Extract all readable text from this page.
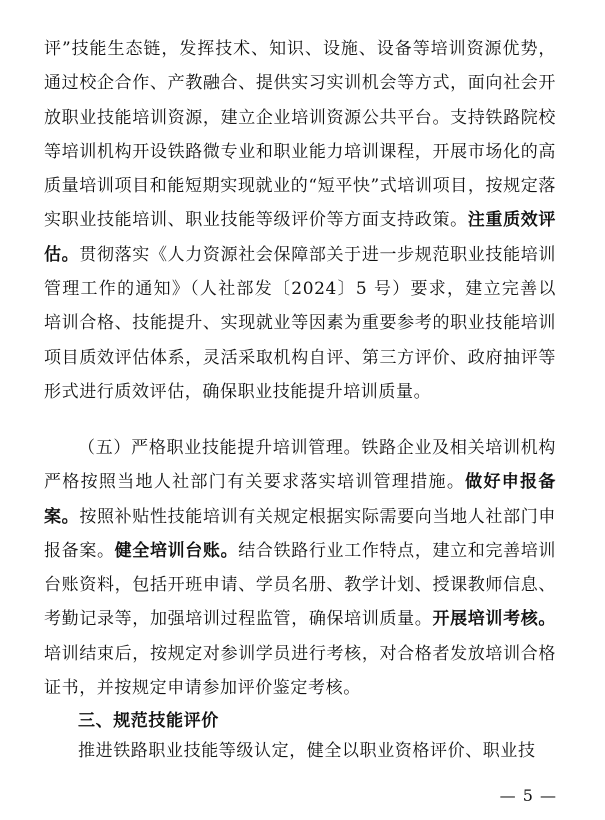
评”技能生态链，发挥技术、知识、设施、设备等培训资源优势，通过校企合作、产教融合、提供实习实训机会等方式，面向社会开放职业技能培训资源，建立企业培训资源公共平台。支持铁路院校等培训机构开设铁路微专业和职业能力培训课程，开展市场化的高质量培训项目和能短期实现就业的“短平快”式培训项目，按规定落实职业技能培训、职业技能等级评价等方面支持政策。注重质效评估。贯彻落实《人力资源社会保障部关于进一步规范职业技能培训管理工作的通知》（人社部发〔2024〕5 号）要求，建立完善以培训合格、技能提升、实现就业等因素为重要参考的职业技能培训项目质效评估体系，灵活采取机构自评、第三方评价、政府抽评等形式进行质效评估，确保职业技能提升培训质量。

（五）严格职业技能提升培训管理。铁路企业及相关培训机构严格按照当地人社部门有关要求落实培训管理措施。做好申报备案。按照补贴性技能培训有关规定根据实际需要向当地人社部门申报备案。健全培训台账。结合铁路行业工作特点，建立和完善培训台账资料，包括开班申请、学员名册、教学计划、授课教师信息、考勤记录等，加强培训过程监管，确保培训质量。开展培训考核。培训结束后，按规定对参训学员进行考核，对合格者发放培训合格证书，并按规定申请参加评价鉴定考核。

三、规范技能评价

推进铁路职业技能等级认定，健全以职业资格评价、职业技

— 5 —
